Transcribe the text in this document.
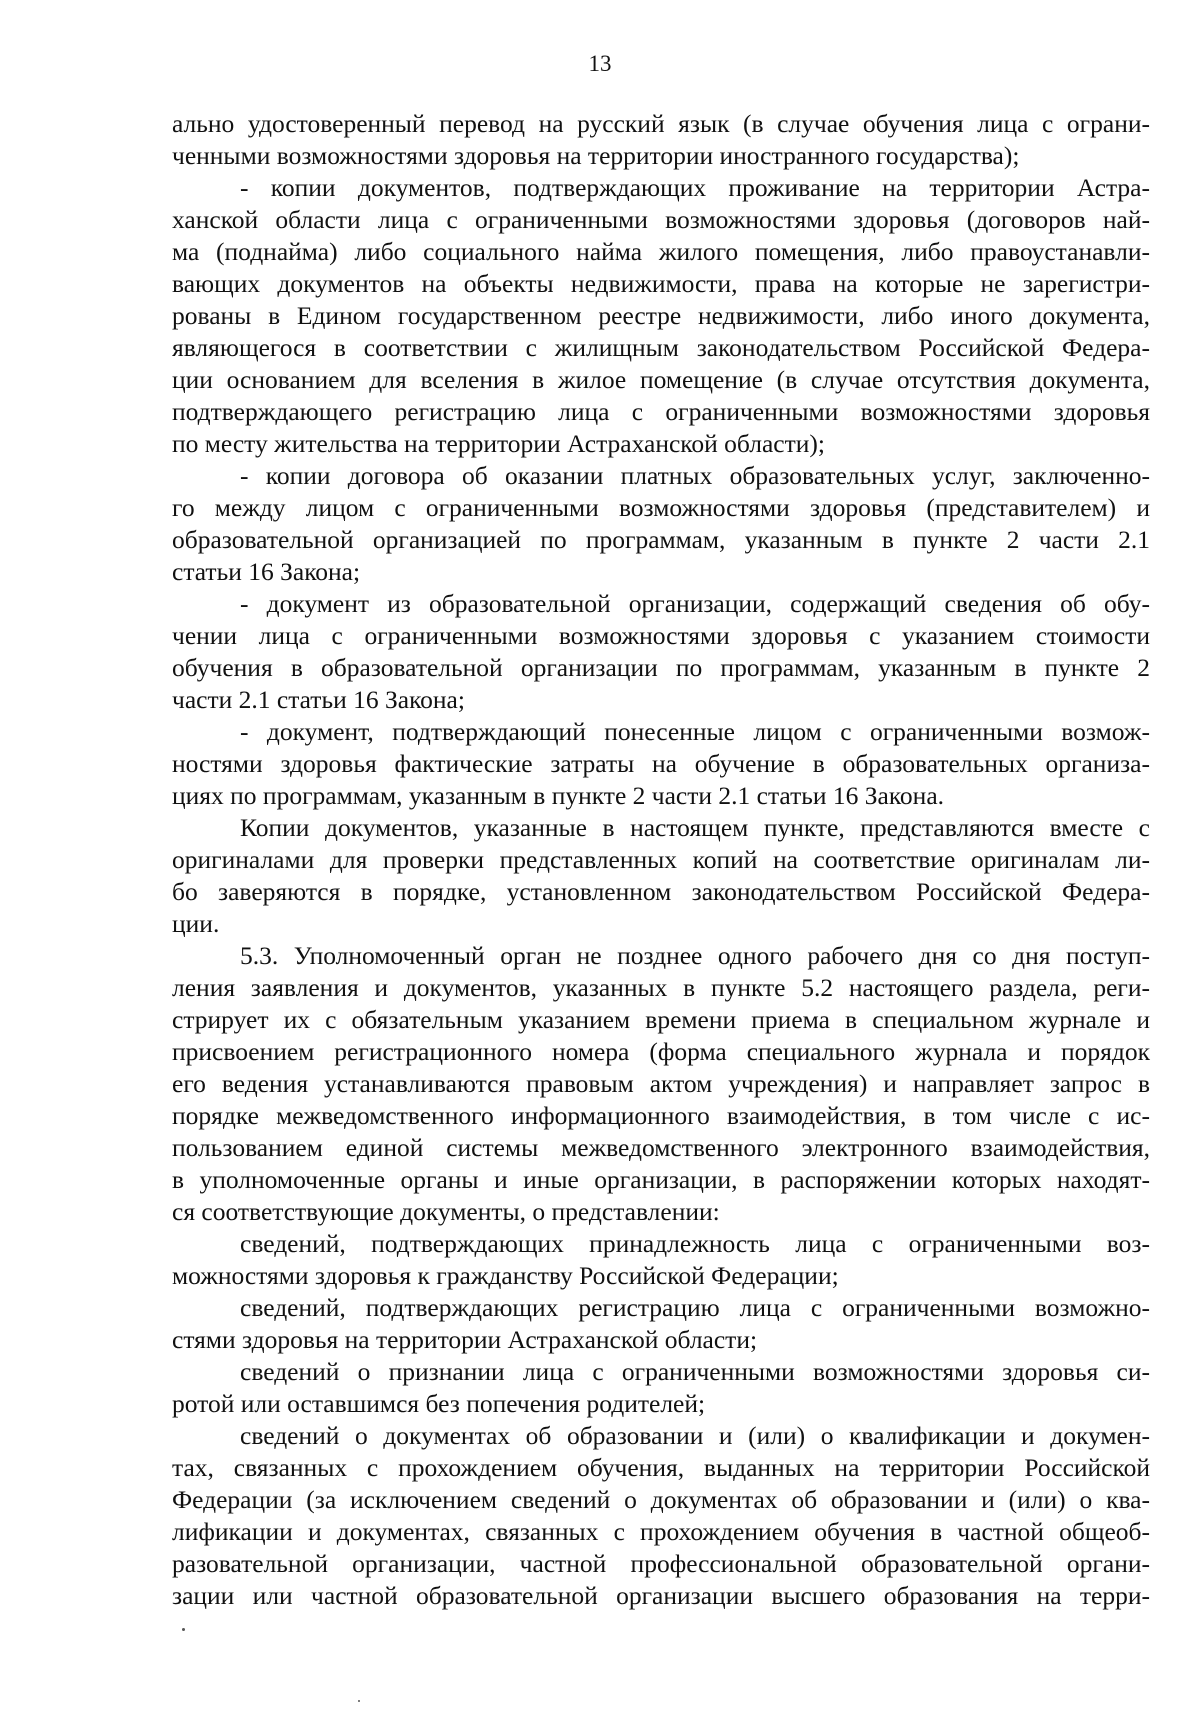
13
ально удостоверенный перевод на русский язык (в случае обучения лица с ограни-
ченными возможностями здоровья на территории иностранного государства);
- копии документов, подтверждающих проживание на территории Астра-
ханской области лица с ограниченными возможностями здоровья (договоров най-
ма (поднайма) либо социального найма жилого помещения, либо правоустанавли-
вающих документов на объекты недвижимости, права на которые не зарегистри-
рованы в Едином государственном реестре недвижимости, либо иного документа,
являющегося в соответствии с жилищным законодательством Российской Федера-
ции основанием для вселения в жилое помещение (в случае отсутствия документа,
подтверждающего регистрацию лица с ограниченными возможностями здоровья
по месту жительства на территории Астраханской области);
- копии договора об оказании платных образовательных услуг, заключенно-
го между лицом с ограниченными возможностями здоровья (представителем) и
образовательной организацией по программам, указанным в пункте 2 части 2.1
статьи 16 Закона;
- документ из образовательной организации, содержащий сведения об обу-
чении лица с ограниченными возможностями здоровья с указанием стоимости
обучения в образовательной организации по программам, указанным в пункте 2
части 2.1 статьи 16 Закона;
- документ, подтверждающий понесенные лицом с ограниченными возмож-
ностями здоровья фактические затраты на обучение в образовательных организа-
циях по программам, указанным в пункте 2 части 2.1 статьи 16 Закона.
Копии документов, указанные в настоящем пункте, представляются вместе с
оригиналами для проверки представленных копий на соответствие оригиналам ли-
бо заверяются в порядке, установленном законодательством Российской Федера-
ции.
5.3. Уполномоченный орган не позднее одного рабочего дня со дня поступ-
ления заявления и документов, указанных в пункте 5.2 настоящего раздела, реги-
стрирует их с обязательным указанием времени приема в специальном журнале и
присвоением регистрационного номера (форма специального журнала и порядок
его ведения устанавливаются правовым актом учреждения) и направляет запрос в
порядке межведомственного информационного взаимодействия, в том числе с ис-
пользованием единой системы межведомственного электронного взаимодействия,
в уполномоченные органы и иные организации, в распоряжении которых находят-
ся соответствующие документы, о представлении:
сведений, подтверждающих принадлежность лица с ограниченными воз-
можностями здоровья к гражданству Российской Федерации;
сведений, подтверждающих регистрацию лица с ограниченными возможно-
стями здоровья на территории Астраханской области;
сведений о признании лица с ограниченными возможностями здоровья си-
ротой или оставшимся без попечения родителей;
сведений о документах об образовании и (или) о квалификации и докумен-
тах, связанных с прохождением обучения, выданных на территории Российской
Федерации (за исключением сведений о документах об образовании и (или) о ква-
лификации и документах, связанных с прохождением обучения в частной общеоб-
разовательной организации, частной профессиональной образовательной органи-
зации или частной образовательной организации высшего образования на терри-
